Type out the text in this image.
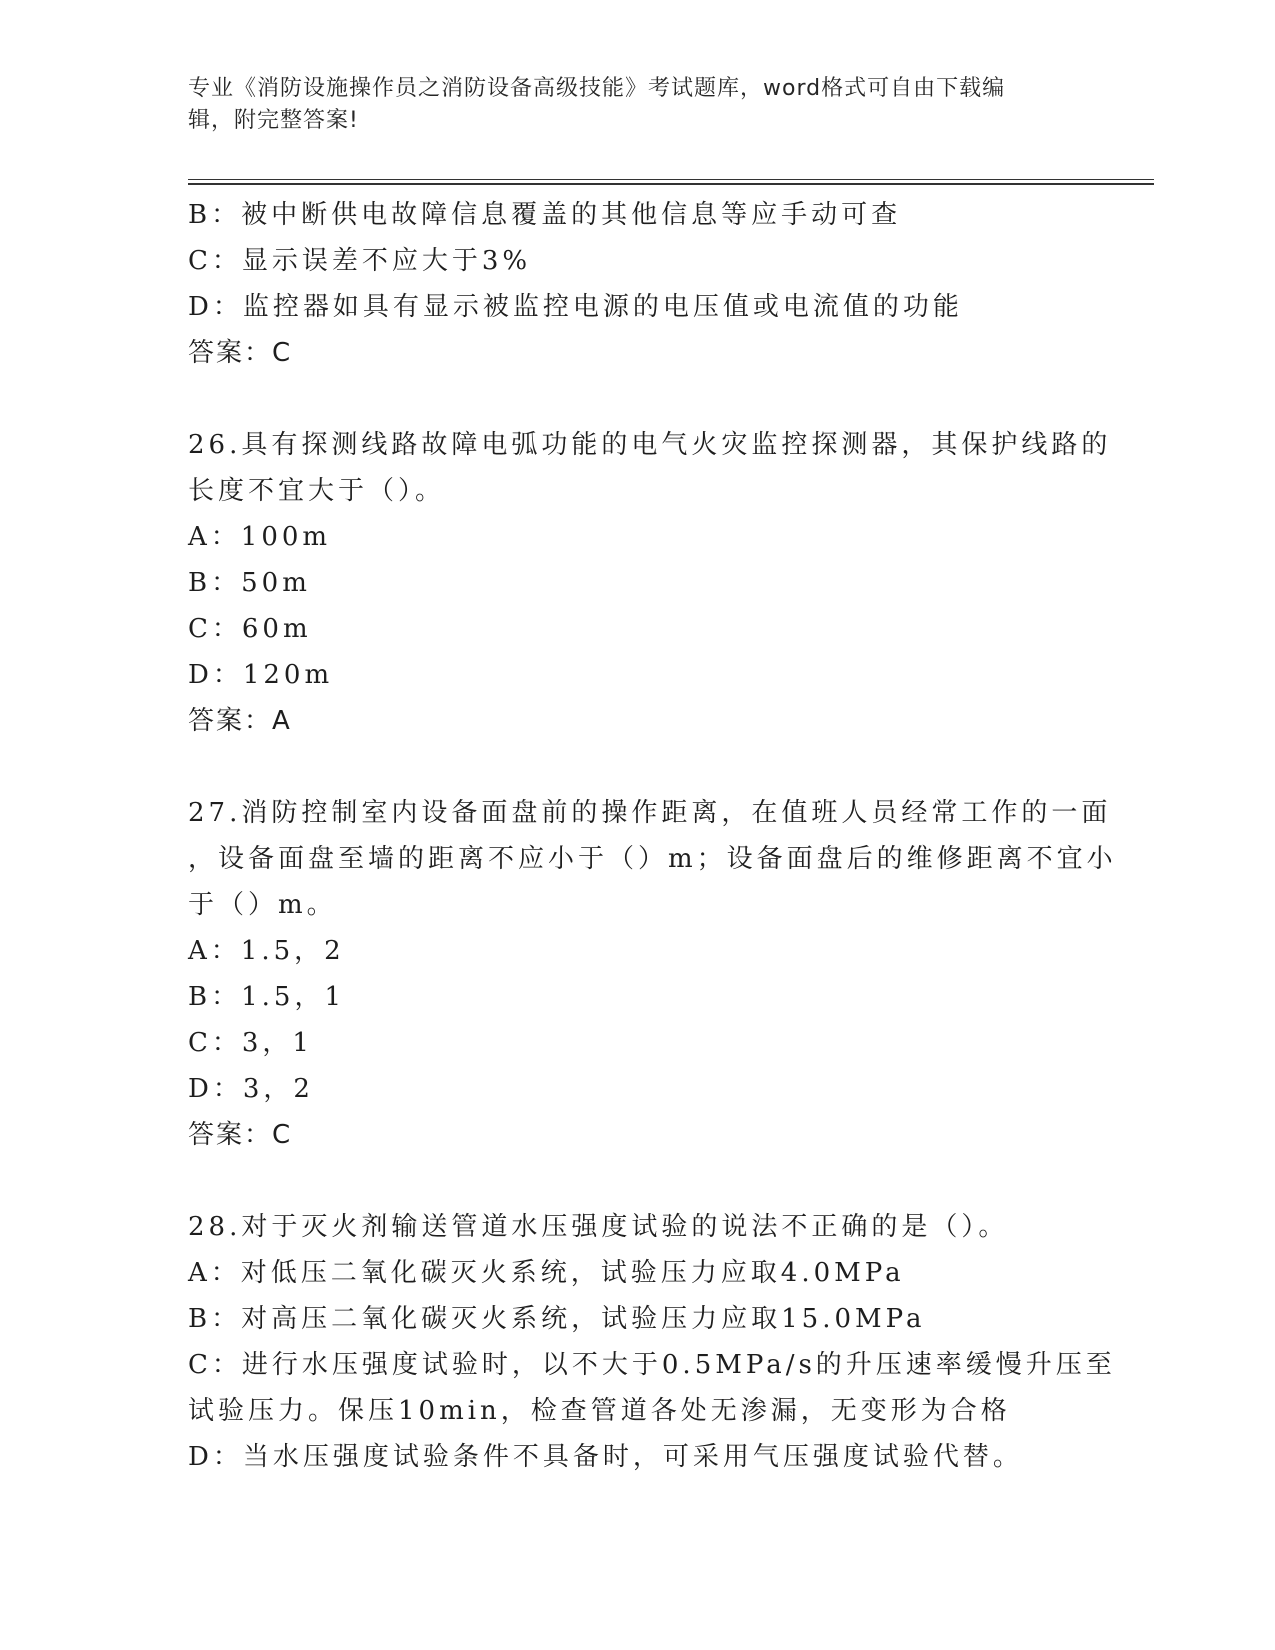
专业《消防设施操作员之消防设备高级技能》考试题库，word格式可自由下载编
辑，附完整答案!
B：被中断供电故障信息覆盖的其他信息等应手动可查
C：显示误差不应大于3%
D：监控器如具有显示被监控电源的电压值或电流值的功能
答案：C
26.具有探测线路故障电弧功能的电气火灾监控探测器，其保护线路的
长度不宜大于（）。
A：100m
B：50m
C：60m
D：120m
答案：A
27.消防控制室内设备面盘前的操作距离，在值班人员经常工作的一面
，设备面盘至墙的距离不应小于（）m；设备面盘后的维修距离不宜小
于（）m。
A：1.5，2
B：1.5，1
C：3，1
D：3，2
答案：C
28.对于灭火剂输送管道水压强度试验的说法不正确的是（）。
A：对低压二氧化碳灭火系统，试验压力应取4.0MPa
B：对高压二氧化碳灭火系统，试验压力应取15.0MPa
C：进行水压强度试验时，以不大于0.5MPa/s的升压速率缓慢升压至
试验压力。保压10min，检查管道各处无渗漏，无变形为合格
D：当水压强度试验条件不具备时，可采用气压强度试验代替。
